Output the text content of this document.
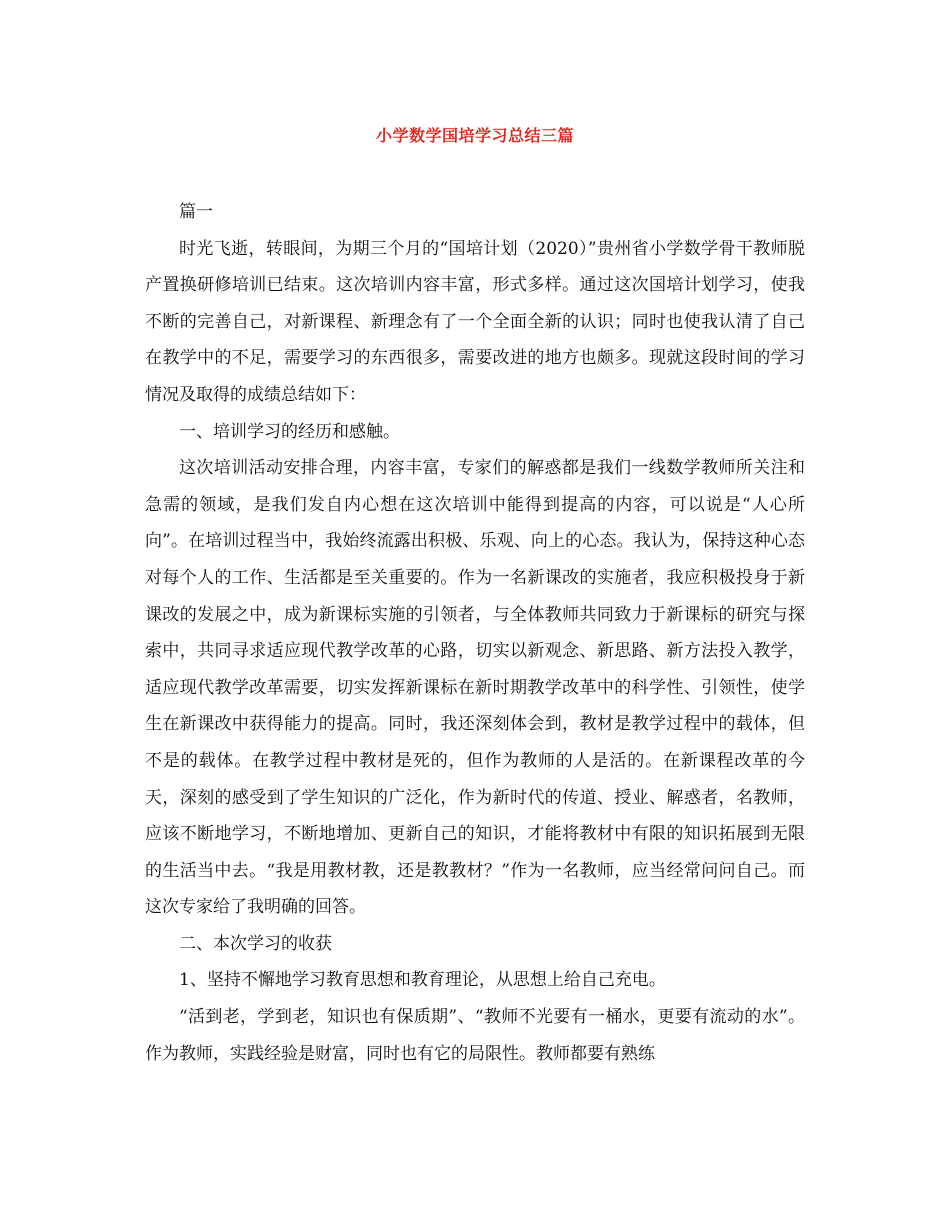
小学数学国培学习总结三篇

篇一

时光飞逝，转眼间，为期三个月的“国培计划（2020）”贵州省小学数学骨干教师脱产置换研修培训已结束。这次培训内容丰富，形式多样。通过这次国培计划学习，使我不断的完善自己，对新课程、新理念有了一个全面全新的认识；同时也使我认清了自己在教学中的不足，需要学习的东西很多，需要改进的地方也颇多。现就这段时间的学习情况及取得的成绩总结如下：

一、培训学习的经历和感触。

这次培训活动安排合理，内容丰富，专家们的解惑都是我们一线数学教师所关注和急需的领域，是我们发自内心想在这次培训中能得到提高的内容，可以说是“人心所向”。在培训过程当中，我始终流露出积极、乐观、向上的心态。我认为，保持这种心态对每个人的工作、生活都是至关重要的。作为一名新课改的实施者，我应积极投身于新课改的发展之中，成为新课标实施的引领者，与全体教师共同致力于新课标的研究与探索中，共同寻求适应现代教学改革的心路，切实以新观念、新思路、新方法投入教学，适应现代教学改革需要，切实发挥新课标在新时期教学改革中的科学性、引领性，使学生在新课改中获得能力的提高。同时，我还深刻体会到，教材是教学过程中的载体，但不是的载体。在教学过程中教材是死的，但作为教师的人是活的。在新课程改革的今天，深刻的感受到了学生知识的广泛化，作为新时代的传道、授业、解惑者，名教师，应该不断地学习，不断地增加、更新自己的知识，才能将教材中有限的知识拓展到无限的生活当中去。“我是用教材教，还是教教材？”作为一名教师，应当经常问问自己。而这次专家给了我明确的回答。

二、本次学习的收获

1、坚持不懈地学习教育思想和教育理论，从思想上给自己充电。

“活到老，学到老，知识也有保质期”、“教师不光要有一桶水，更要有流动的水”。作为教师，实践经验是财富，同时也有它的局限性。教师都要有熟练
